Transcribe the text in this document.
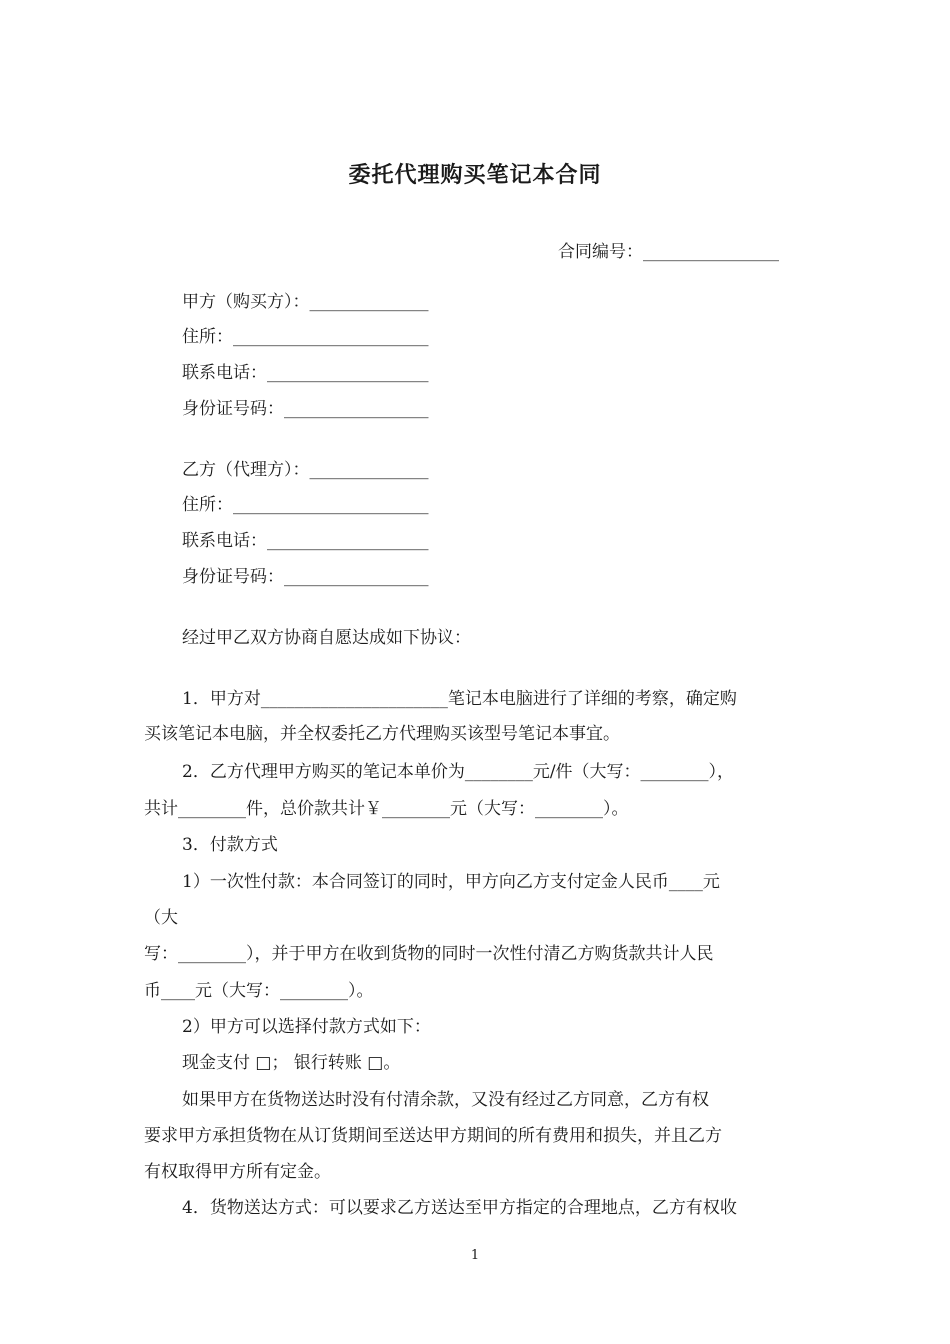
委托代理购买笔记本合同
合同编号：________________
甲方（购买方）：______________
住所：_______________________
联系电话：___________________
身份证号码：_________________
乙方（代理方）：______________
住所：_______________________
联系电话：___________________
身份证号码：_________________
经过甲乙双方协商自愿达成如下协议：
1．甲方对______________________笔记本电脑进行了详细的考察，确定购
买该笔记本电脑，并全权委托乙方代理购买该型号笔记本事宜。
2．乙方代理甲方购买的笔记本单价为________元/件（大写：________），
共计________件，总价款共计￥________元（大写：________）。
3．付款方式
1）一次性付款：本合同签订的同时，甲方向乙方支付定金人民币____元
（大
写：________），并于甲方在收到货物的同时一次性付清乙方购货款共计人民
币____元（大写：________）。
2）甲方可以选择付款方式如下：
现金支付 □； 银行转账 □。
如果甲方在货物送达时没有付清余款，又没有经过乙方同意，乙方有权
要求甲方承担货物在从订货期间至送达甲方期间的所有费用和损失，并且乙方
有权取得甲方所有定金。
4．货物送达方式：可以要求乙方送达至甲方指定的合理地点，乙方有权收
1
